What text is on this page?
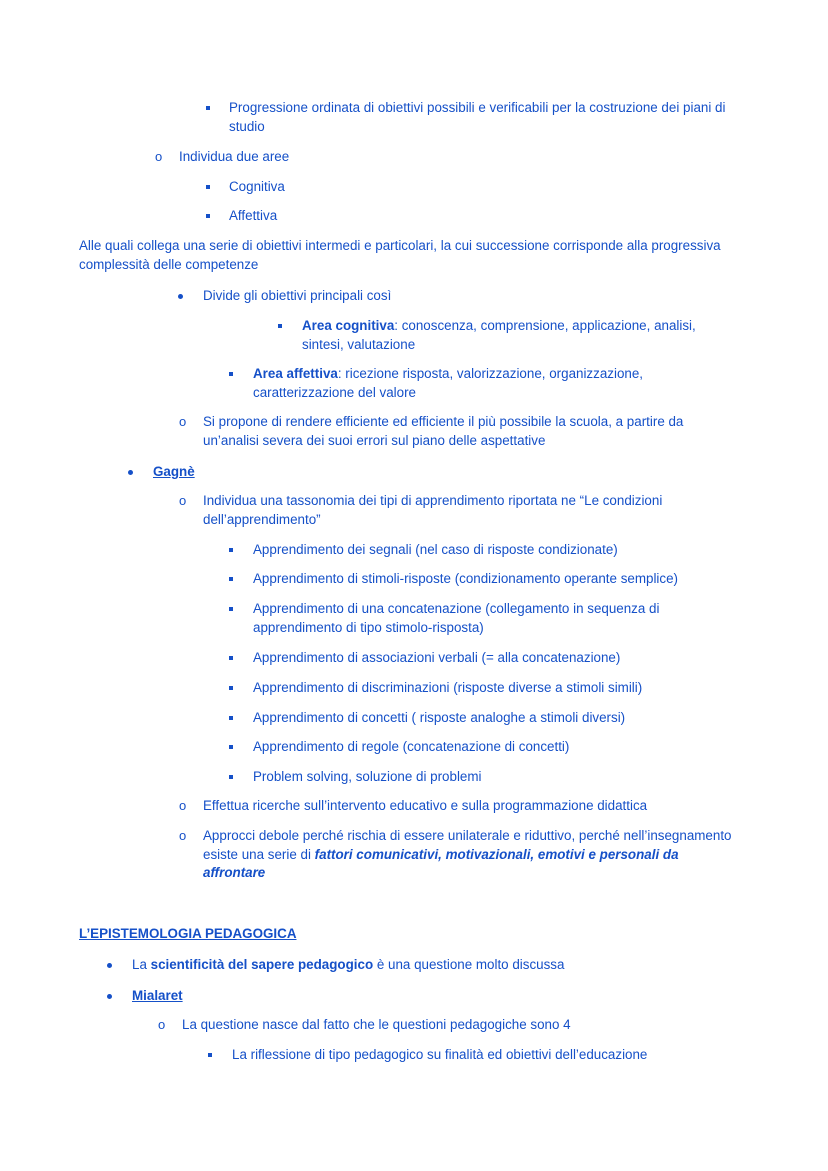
Progressione ordinata di obiettivi possibili e verificabili per la costruzione dei piani di studio
o Individua due aree
Cognitiva
Affettiva
Alle quali collega una serie di obiettivi intermedi e particolari, la cui successione corrisponde alla progressiva complessità delle competenze
Divide gli obiettivi principali così
Area cognitiva: conoscenza, comprensione, applicazione, analisi, sintesi, valutazione
Area affettiva: ricezione risposta, valorizzazione, organizzazione, caratterizzazione del valore
o Si propone di rendere efficiente ed efficiente il più possibile la scuola, a partire da un’analisi severa dei suoi errori sul piano delle aspettative
Gagnè
o Individua una tassonomia dei tipi di apprendimento riportata ne “Le condizioni dell’apprendimento”
Apprendimento dei segnali (nel caso di risposte condizionate)
Apprendimento di stimoli-risposte (condizionamento operante semplice)
Apprendimento di una concatenazione (collegamento in sequenza di apprendimento di tipo stimolo-risposta)
Apprendimento di associazioni verbali (= alla concatenazione)
Apprendimento di discriminazioni (risposte diverse a stimoli simili)
Apprendimento di concetti ( risposte analoghe a stimoli diversi)
Apprendimento di regole (concatenazione di concetti)
Problem solving, soluzione di problemi
o Effettua ricerche sull’intervento educativo e sulla programmazione didattica
o Approcci debole perché rischia di essere unilaterale e riduttivo, perché nell’insegnamento esiste una serie di fattori comunicativi, motivazionali, emotivi e personali da affrontare
L’EPISTEMOLOGIA PEDAGOGICA
La scientificità del sapere pedagogico è una questione molto discussa
Mialaret
o La questione nasce dal fatto che le questioni pedagogiche sono 4
La riflessione di tipo pedagogico su finalità ed obiettivi dell’educazione
